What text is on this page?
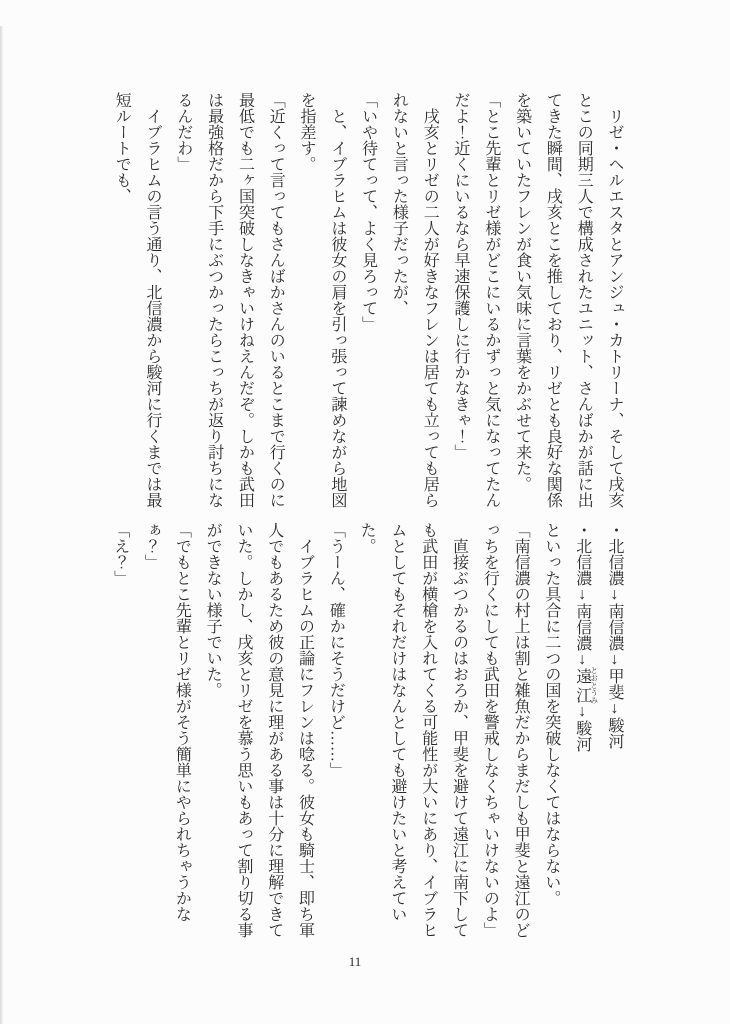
リゼ・ヘルエスタとアンジュ・カトリーナ、そして戌亥

とこの同期三人で構成されたユニット、さんばかが話に出

てきた瞬間、戌亥とこを推しており、リゼとも良好な関係

を築いていたフレンが食い気味に言葉をかぶせて来た。

「とこ先輩とリゼ様がどこにいるかずっと気になってたん

だよ！近くにいるなら早速保護しに行かなきゃ！」

戌亥とリゼの二人が好きなフレンは居ても立っても居ら

れないと言った様子だったが、

「いや待てって、よく見ろって」

と、イブラヒムは彼女の肩を引っ張って諫めながら地図

を指差す。

「近くって言ってもさんばかさんのいるとこまで行くのに

最低でも二ヶ国突破しなきゃいけねえんだぞ。しかも武田

は最強格だから下手にぶつかったらこっちが返り討ちにな

るんだわ」

イブラヒムの言う通り、北信濃から駿河に行くまでは最

短ルートでも、

・北信濃↓南信濃↓甲斐↓駿河

・北信濃↓南信濃↓遠江 とおとうみ↓駿河

といった具合に二つの国を突破しなくてはならない。

「南信濃の村上は割と雑魚だからまだしも甲斐と遠江のど

っちを行くにしても武田を警戒しなくちゃいけないのよ」

直接ぶつかるのはおろか、甲斐を避けて遠江に南下して

も武田が横槍を入れてくる可能性が大いにあり、イブラヒ

ムとしてもそれだけはなんとしても避けたいと考えてい

た。

「うーん、確かにそうだけど……」

イブラヒムの正論にフレンは唸る。彼女も騎士、即ち軍

人でもあるため彼の意見に理がある事は十分に理解できて

いた。しかし、戌亥とリゼを慕う思いもあって割り切る事

ができない様子でいた。

「でもとこ先輩とリゼ様がそう簡単にやられちゃうかな

ぁ？」

「え？」

11
